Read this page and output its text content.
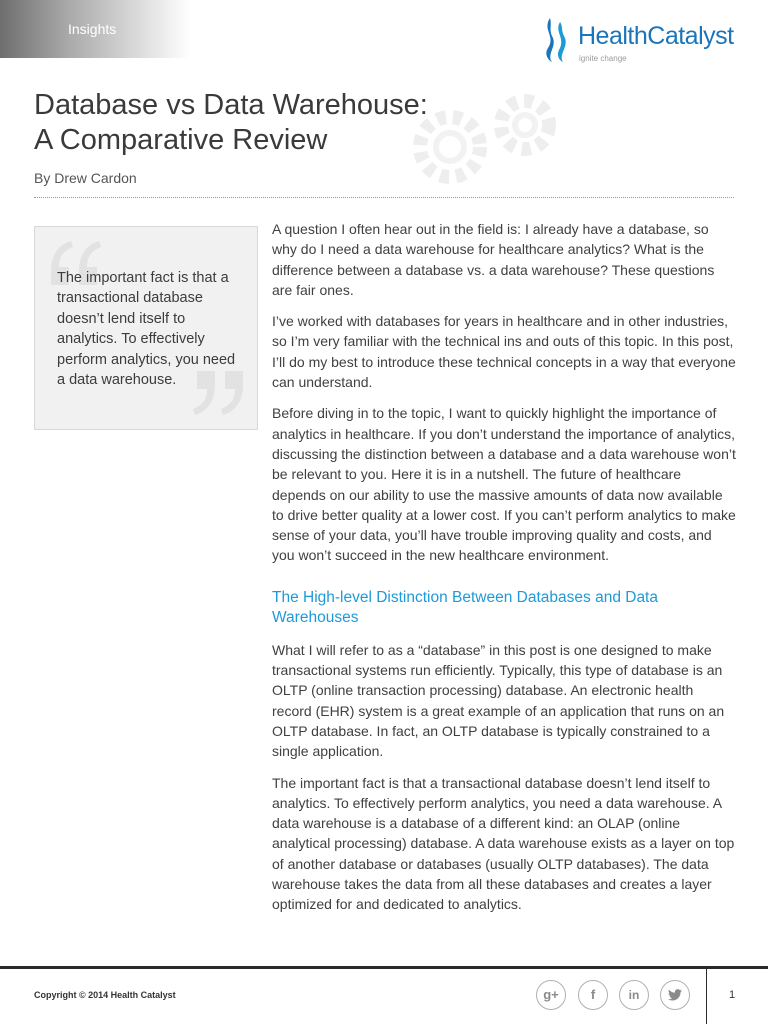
Insights	HealthCatalyst
ignite change
Database vs Data Warehouse:
A Comparative Review
By Drew Cardon

The important fact is that a transactional database doesn’t lend itself to analytics. To effectively perform analytics, you need a data warehouse.

A question I often hear out in the field is: I already have a database, so why do I need a data warehouse for healthcare analytics? What is the difference between a database vs. a data warehouse? These questions are fair ones.

I’ve worked with databases for years in healthcare and in other industries, so I’m very familiar with the technical ins and outs of this topic. In this post, I’ll do my best to introduce these technical concepts in a way that everyone can understand.

Before diving in to the topic, I want to quickly highlight the importance of analytics in healthcare. If you don’t understand the importance of analytics, discussing the distinction between a database and a data warehouse won’t be relevant to you. Here it is in a nutshell. The future of healthcare depends on our ability to use the massive amounts of data now available to drive better quality at a lower cost. If you can’t perform analytics to make sense of your data, you’ll have trouble improving quality and costs, and you won’t succeed in the new healthcare environment.

The High-level Distinction Between Databases and Data Warehouses

What I will refer to as a “database” in this post is one designed to make transactional systems run efficiently. Typically, this type of database is an OLTP (online transaction processing) database. An electronic health record (EHR) system is a great example of an application that runs on an OLTP database. In fact, an OLTP database is typically constrained to a single application.

The important fact is that a transactional database doesn’t lend itself to analytics. To effectively perform analytics, you need a data warehouse. A data warehouse is a database of a different kind: an OLAP (online analytical processing) database. A data warehouse exists as a layer on top of another database or databases (usually OLTP databases). The data warehouse takes the data from all these databases and creates a layer optimized for and dedicated to analytics.

Copyright © 2014 Health Catalyst	g+	f	in	1
